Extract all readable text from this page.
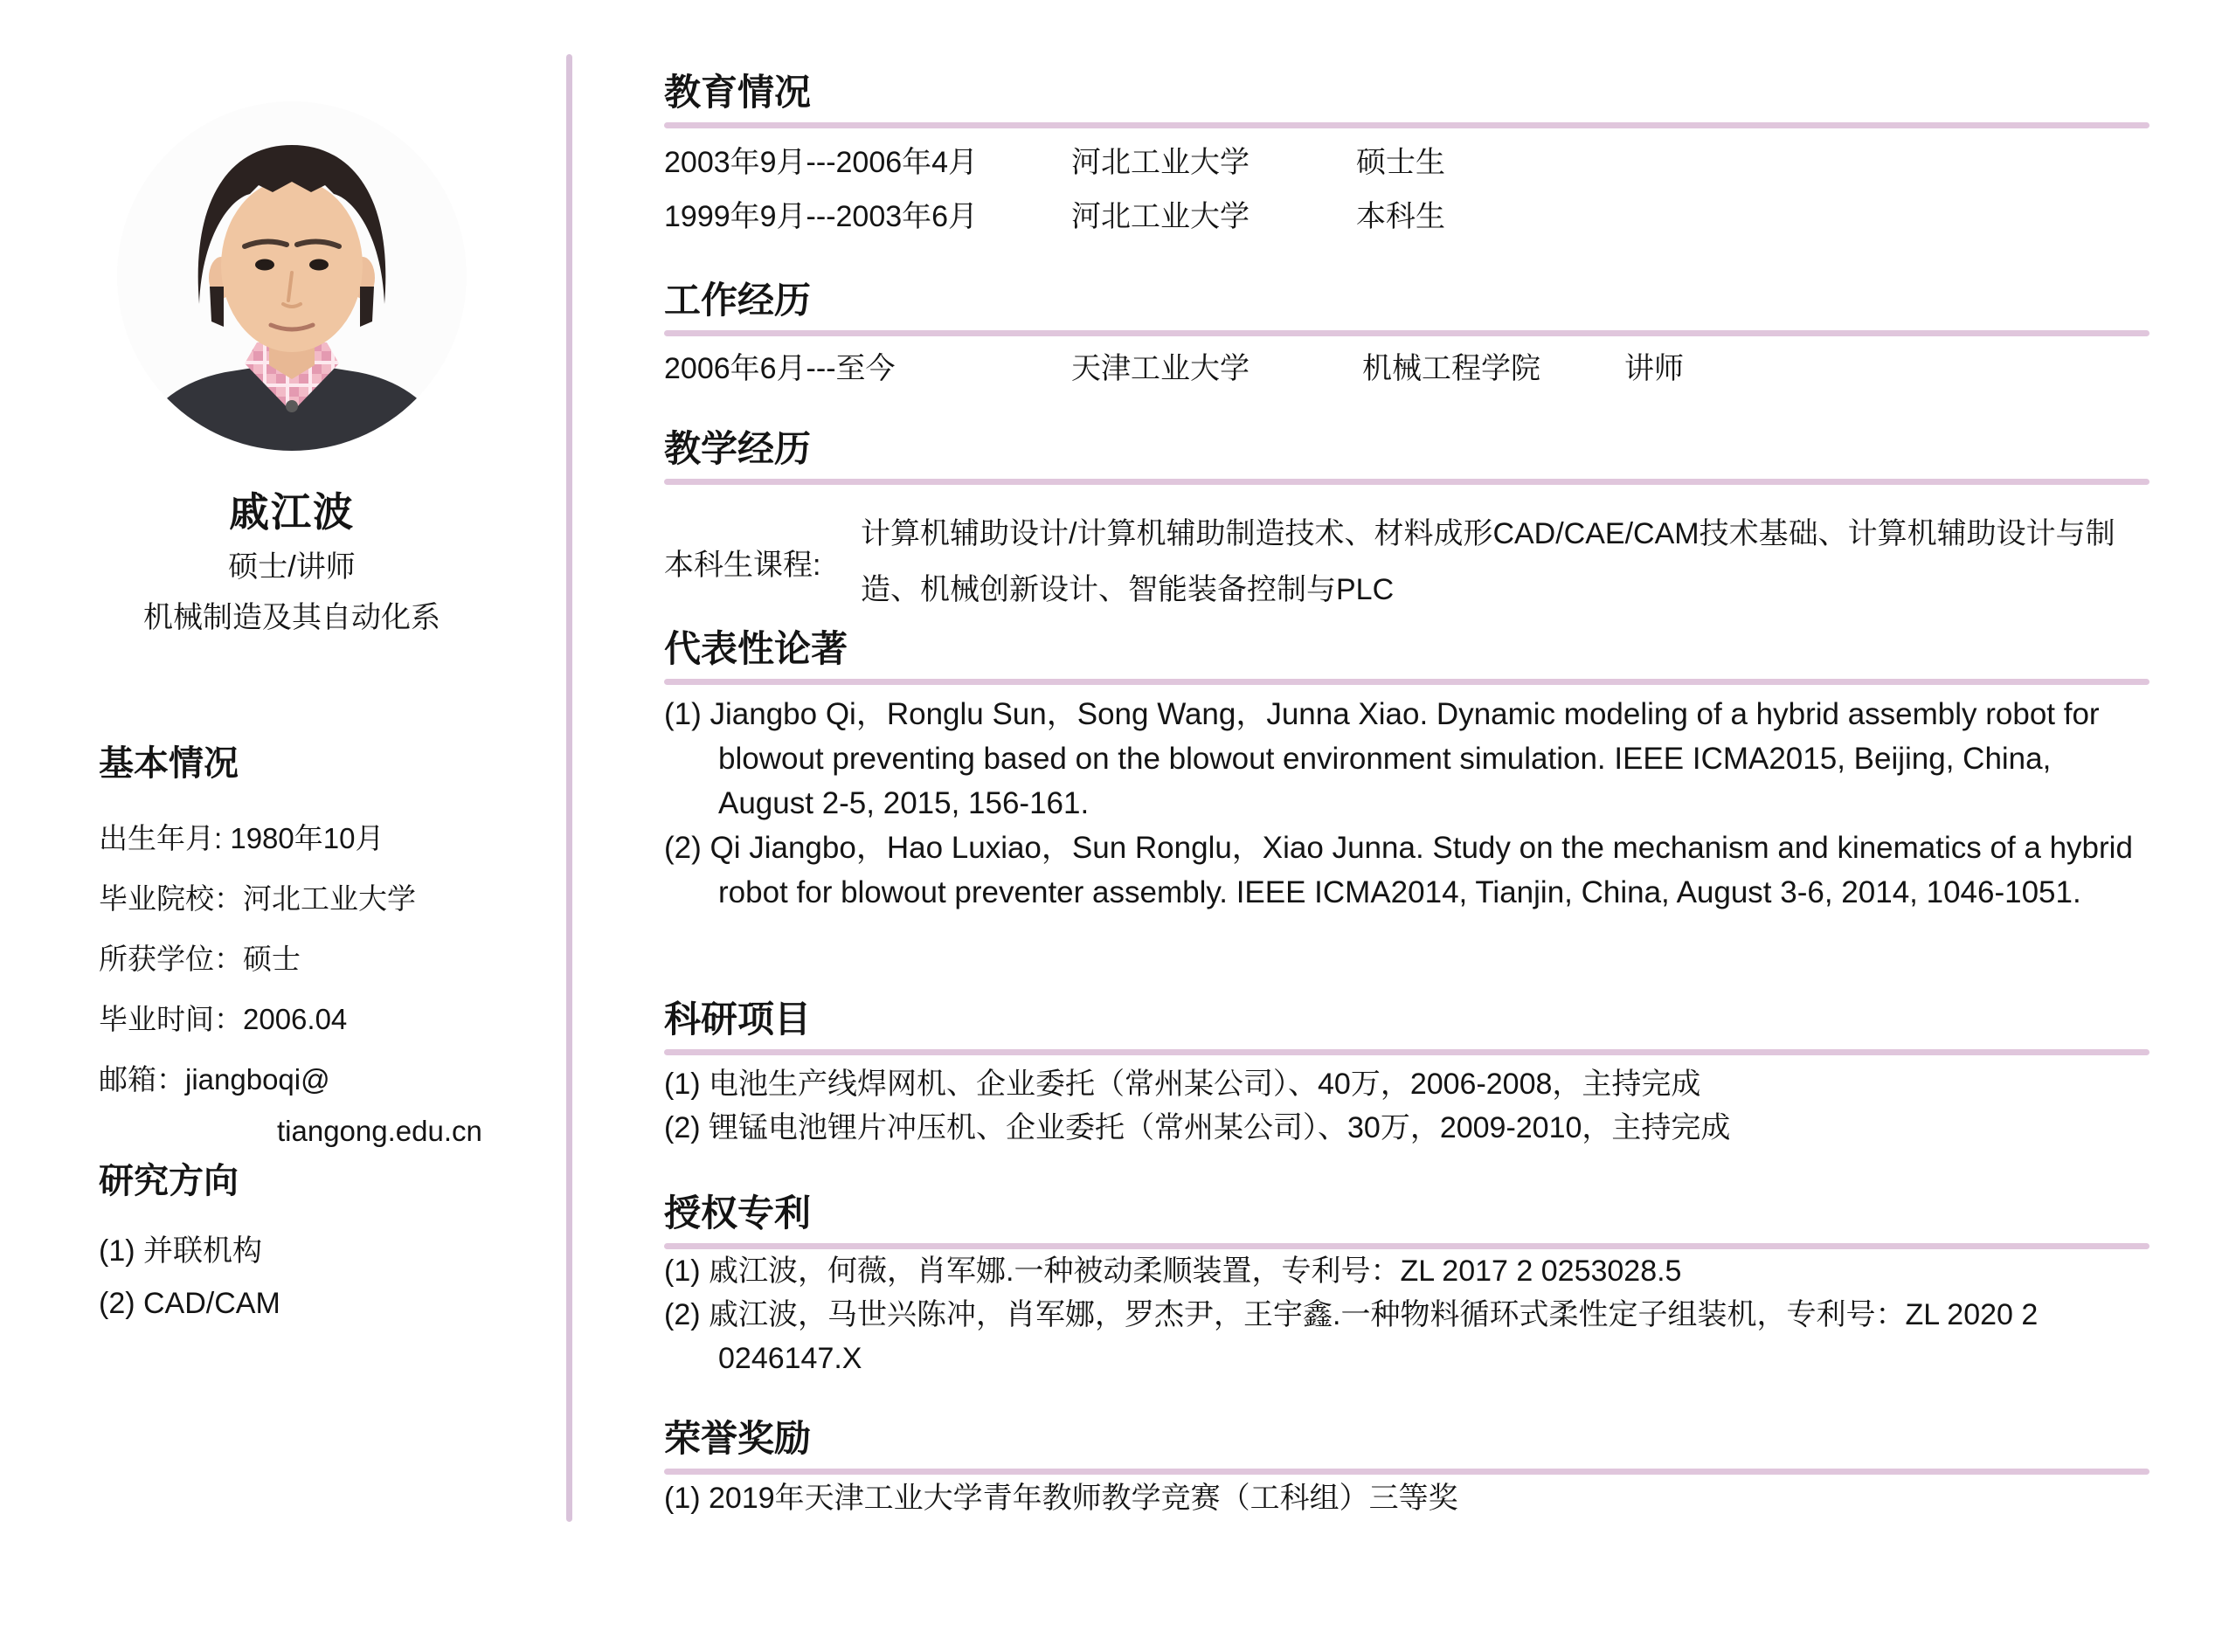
戚江波
硕士/讲师
机械制造及其自动化系
基本情况
出生年月: 1980年10月
毕业院校：河北工业大学
所获学位：硕士
毕业时间：2006.04
邮箱：jiangboqi@
tiangong.edu.cn
研究方向
(1) 并联机构
(2) CAD/CAM
教育情况
2003年9月---2006年4月	河北工业大学	硕士生
1999年9月---2003年6月	河北工业大学	本科生
工作经历
2006年6月---至今	天津工业大学	机械工程学院	讲师
教学经历
本科生课程:
计算机辅助设计/计算机辅助制造技术、材料成形CAD/CAE/CAM技术基础、计算机辅助设计与制造、机械创新设计、智能装备控制与PLC
代表性论著
(1) Jiangbo Qi，Ronglu Sun，Song Wang，Junna Xiao. Dynamic modeling of a hybrid assembly robot for blowout preventing based on the blowout environment simulation. IEEE ICMA2015, Beijing, China, August 2-5, 2015, 156-161.
(2) Qi Jiangbo，Hao Luxiao，Sun Ronglu，Xiao Junna. Study on the mechanism and kinematics of a hybrid robot for blowout preventer assembly. IEEE ICMA2014, Tianjin, China, August 3-6, 2014, 1046-1051.
科研项目
(1) 电池生产线焊网机、企业委托（常州某公司）、40万，2006-2008，主持完成
(2) 锂锰电池锂片冲压机、企业委托（常州某公司）、30万，2009-2010，主持完成
授权专利
(1) 戚江波，何薇，肖军娜.一种被动柔顺装置，专利号：ZL 2017 2 0253028.5
(2) 戚江波，马世兴陈冲，肖军娜，罗杰尹，王宇鑫.一种物料循环式柔性定子组装机，专利号：ZL 2020 2 0246147.X
荣誉奖励
(1) 2019年天津工业大学青年教师教学竞赛（工科组）三等奖
